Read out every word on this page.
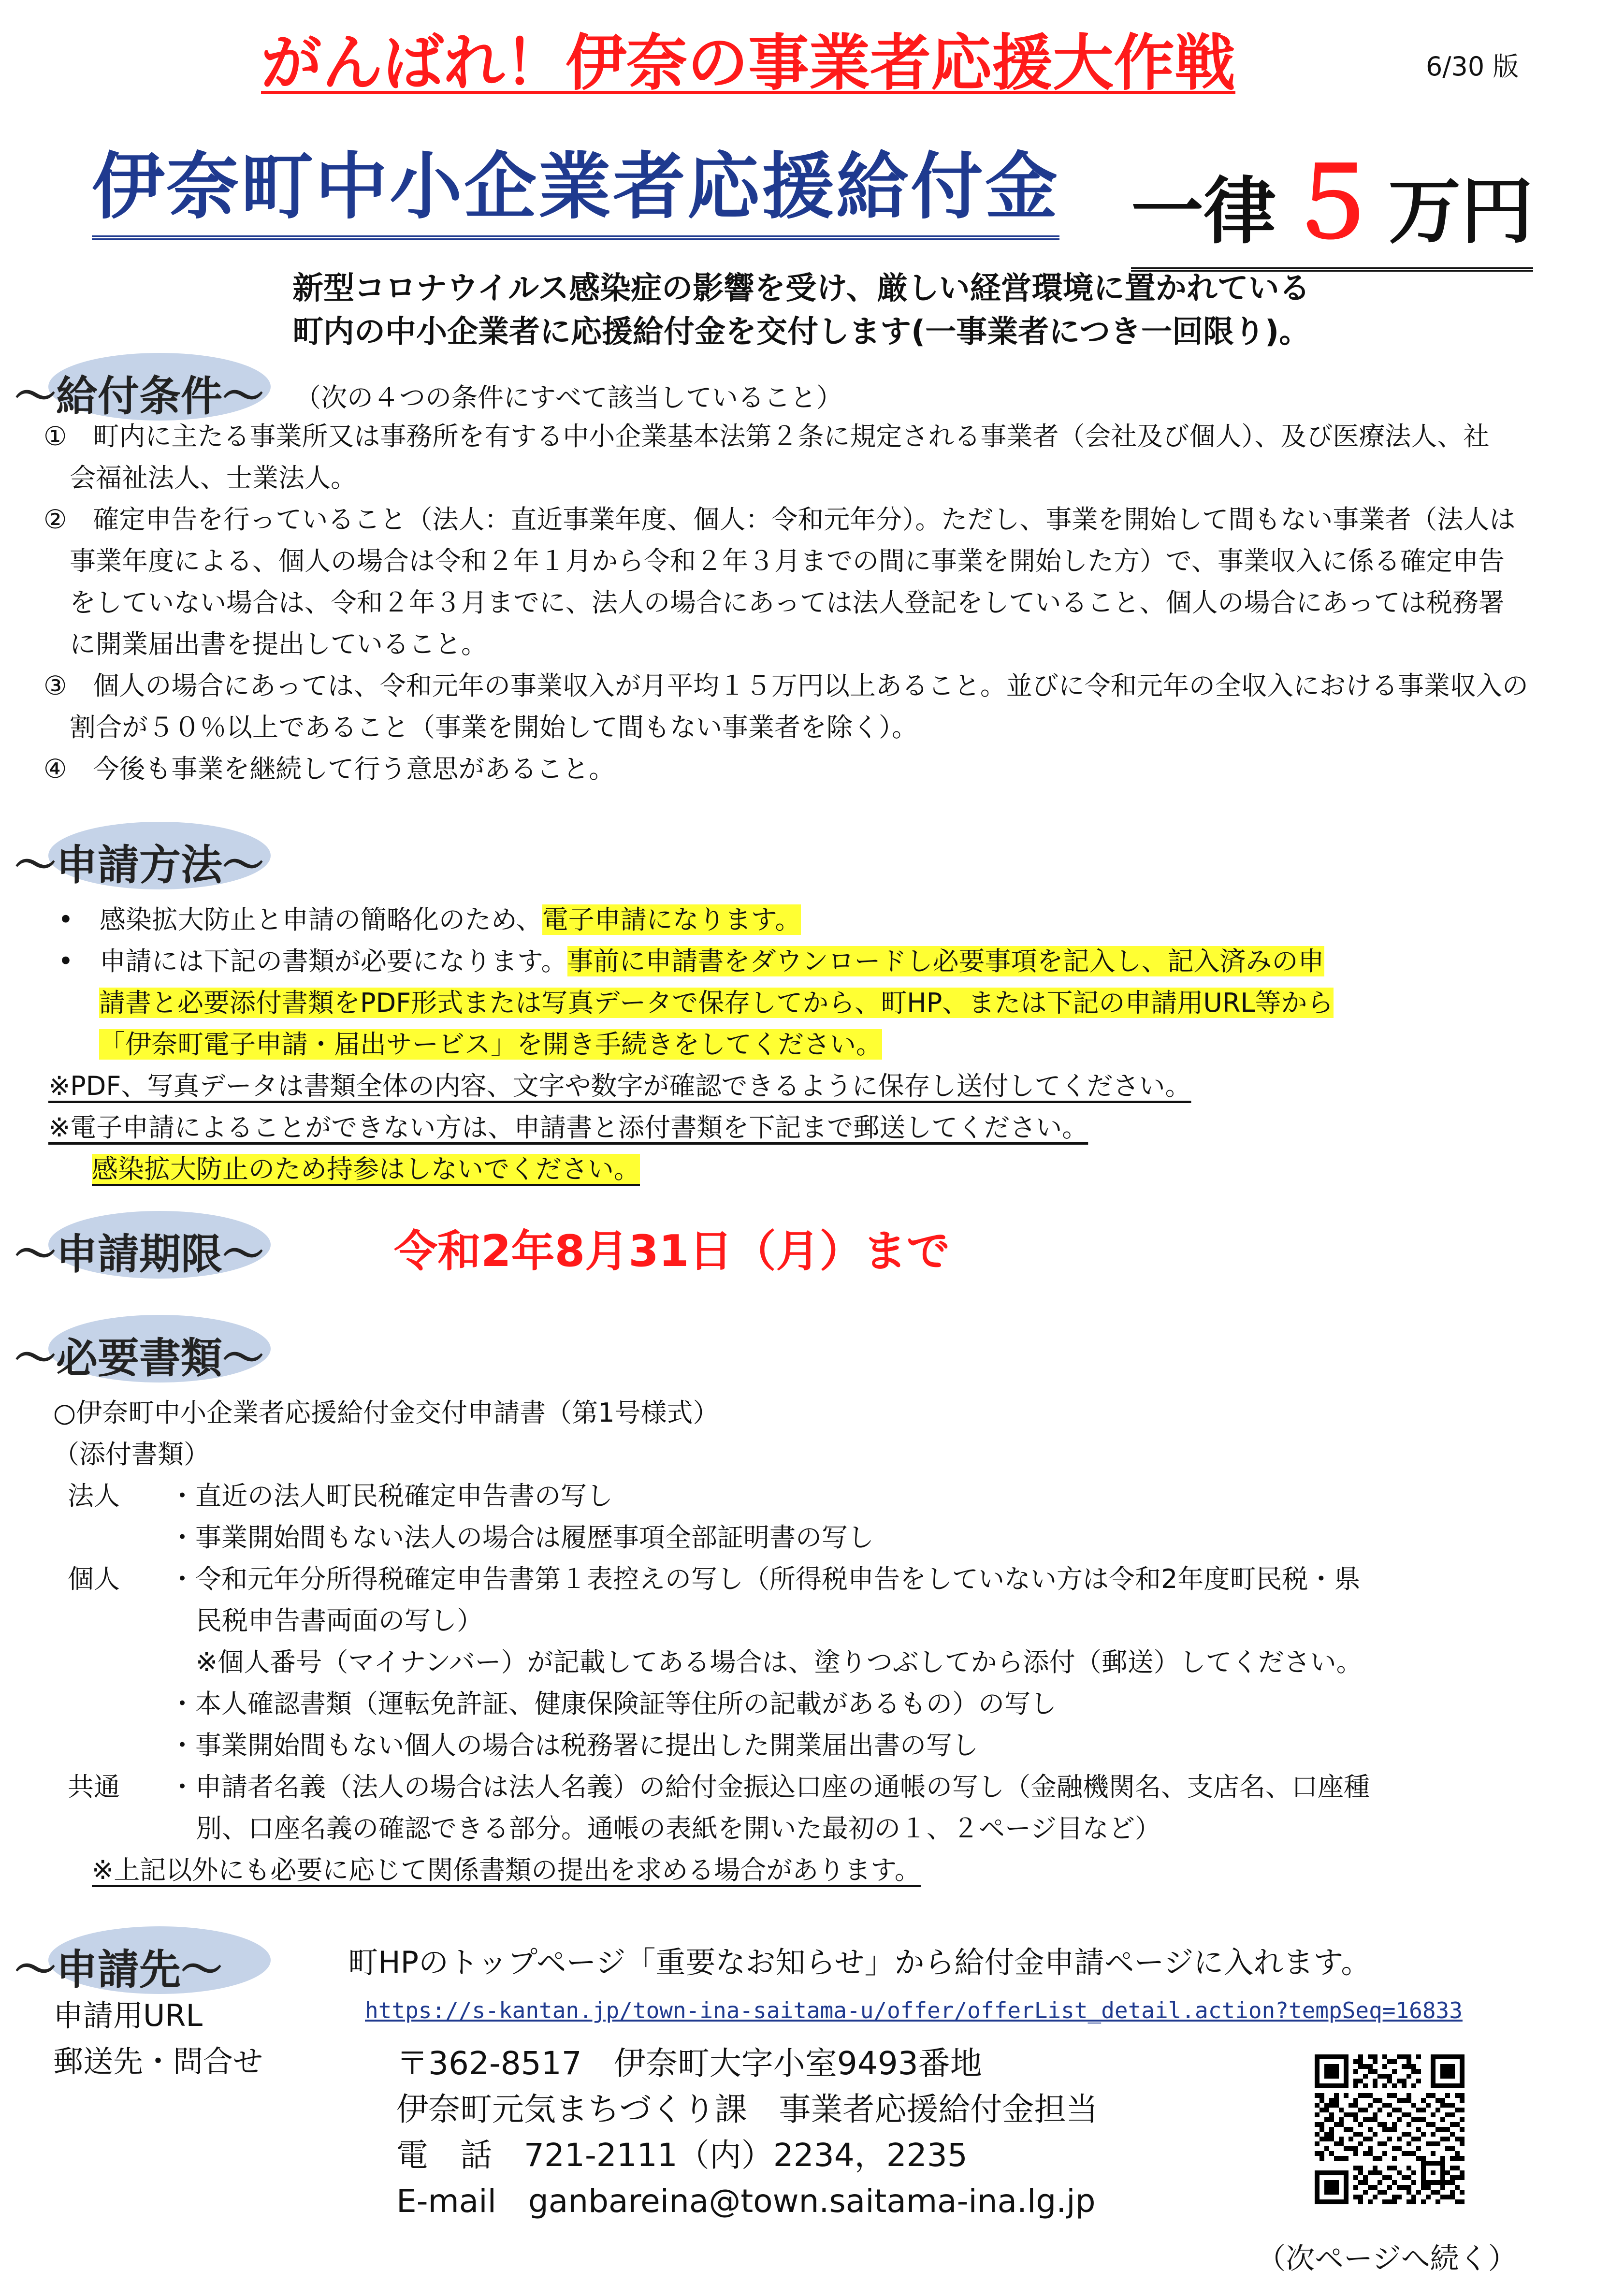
がんばれ！伊奈の事業者応援大作戦	6/30 版
伊奈町中小企業者応援給付金 一律５ 万円
新型コロナウイルス感染症の影響を受け、厳しい経営環境に置かれている
町内の中小企業者に応援給付金を交付します(一事業者につき一回限り)。
〜給付条件〜 （次の４つの条件にすべて該当していること）
①　町内に主たる事業所又は事務所を有する中小企業基本法第２条に規定される事業者（会社及び個人）、及び医療法人、社
　会福祉法人、士業法人。
②　確定申告を行っていること（法人：直近事業年度、個人：令和元年分）。ただし、事業を開始して間もない事業者（法人は
　事業年度による、個人の場合は令和２年１月から令和２年３月までの間に事業を開始した方）で、事業収入に係る確定申告
　をしていない場合は、令和２年３月までに、法人の場合にあっては法人登記をしていること、個人の場合にあっては税務署
　に開業届出書を提出していること。
③　個人の場合にあっては、令和元年の事業収入が月平均１５万円以上あること。並びに令和元年の全収入における事業収入の
　割合が５０％以上であること（事業を開始して間もない事業者を除く）。
④　今後も事業を継続して行う意思があること。
〜申請方法〜
•　感染拡大防止と申請の簡略化のため、電子申請になります。
•　申請には下記の書類が必要になります。事前に申請書をダウンロードし必要事項を記入し、記入済みの申
請書と必要添付書類をPDF形式または写真データで保存してから、町HP、または下記の申請用URL等から
「伊奈町電子申請・届出サービス」を開き手続きをしてください。
※PDF、写真データは書類全体の内容、文字や数字が確認できるように保存し送付してください。
※電子申請によることができない方は、申請書と添付書類を下記まで郵送してください。
感染拡大防止のため持参はしないでください。
〜申請期限〜	令和2年8月31日（月）まで
〜必要書類〜
○伊奈町中小企業者応援給付金交付申請書（第1号様式）
（添付書類）
法人 ・直近の法人町民税確定申告書の写し
・事業開始間もない法人の場合は履歴事項全部証明書の写し
個人 ・令和元年分所得税確定申告書第１表控えの写し（所得税申告をしていない方は令和2年度町民税・県
民税申告書両面の写し）
※個人番号（マイナンバー）が記載してある場合は、塗りつぶしてから添付（郵送）してください。
・本人確認書類（運転免許証、健康保険証等住所の記載があるもの）の写し
・事業開始間もない個人の場合は税務署に提出した開業届出書の写し
共通 ・申請者名義（法人の場合は法人名義）の給付金振込口座の通帳の写し（金融機関名、支店名、口座種
別、口座名義の確認できる部分。通帳の表紙を開いた最初の１、２ページ目など）
※上記以外にも必要に応じて関係書類の提出を求める場合があります。
〜申請先〜	町HPのトップページ「重要なお知らせ」から給付金申請ページに入れます。
申請用URL	https://s-kantan.jp/town-ina-saitama-u/offer/offerList_detail.action?tempSeq=16833
郵送先・問合せ	〒362-8517　伊奈町大字小室9493番地
伊奈町元気まちづくり課　事業者応援給付金担当
電　話　721-2111（内）2234，2235
E-mail　ganbareina@town.saitama-ina.lg.jp
（次ページへ続く）
